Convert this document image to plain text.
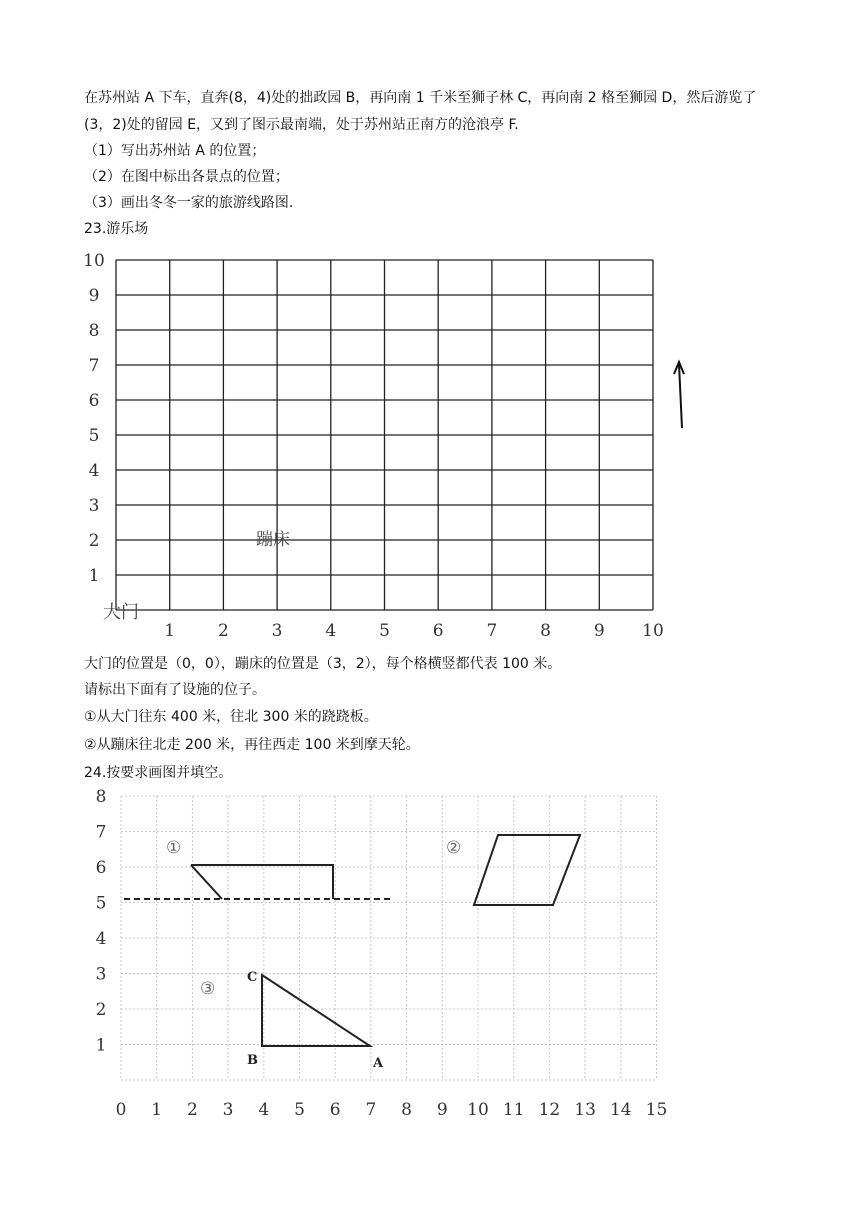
在苏州站 A 下车，直奔(8，4)处的拙政园 B，再向南 1 千米至狮子林 C，再向南 2 格至狮园 D，然后游览了
(3，2)处的留园 E，又到了图示最南端，处于苏州站正南方的沧浪亭 F.
（1）写出苏州站 A 的位置；
（2）在图中标出各景点的位置；
（3）画出冬冬一家的旅游线路图.
23.游乐场
1	2	3	4	5	6	7	8	9 10
1
2
3
4
5
6
7
8
9
10
大门
蹦床
大门的位置是（0，0），蹦床的位置是（3，2），每个格横竖都代表 100 米。
请标出下面有了设施的位子。
①从大门往东 400 米，往北 300 米的跷跷板。
②从蹦床往北走 200 米，再往西走 100 米到摩天轮。
24.按要求画图并填空。
0 1 2 3 4 5 6 7 8 9 10 11 12 13 14 15
1
2
3
4
5
6
7
8
①	②
③
C
B	A
